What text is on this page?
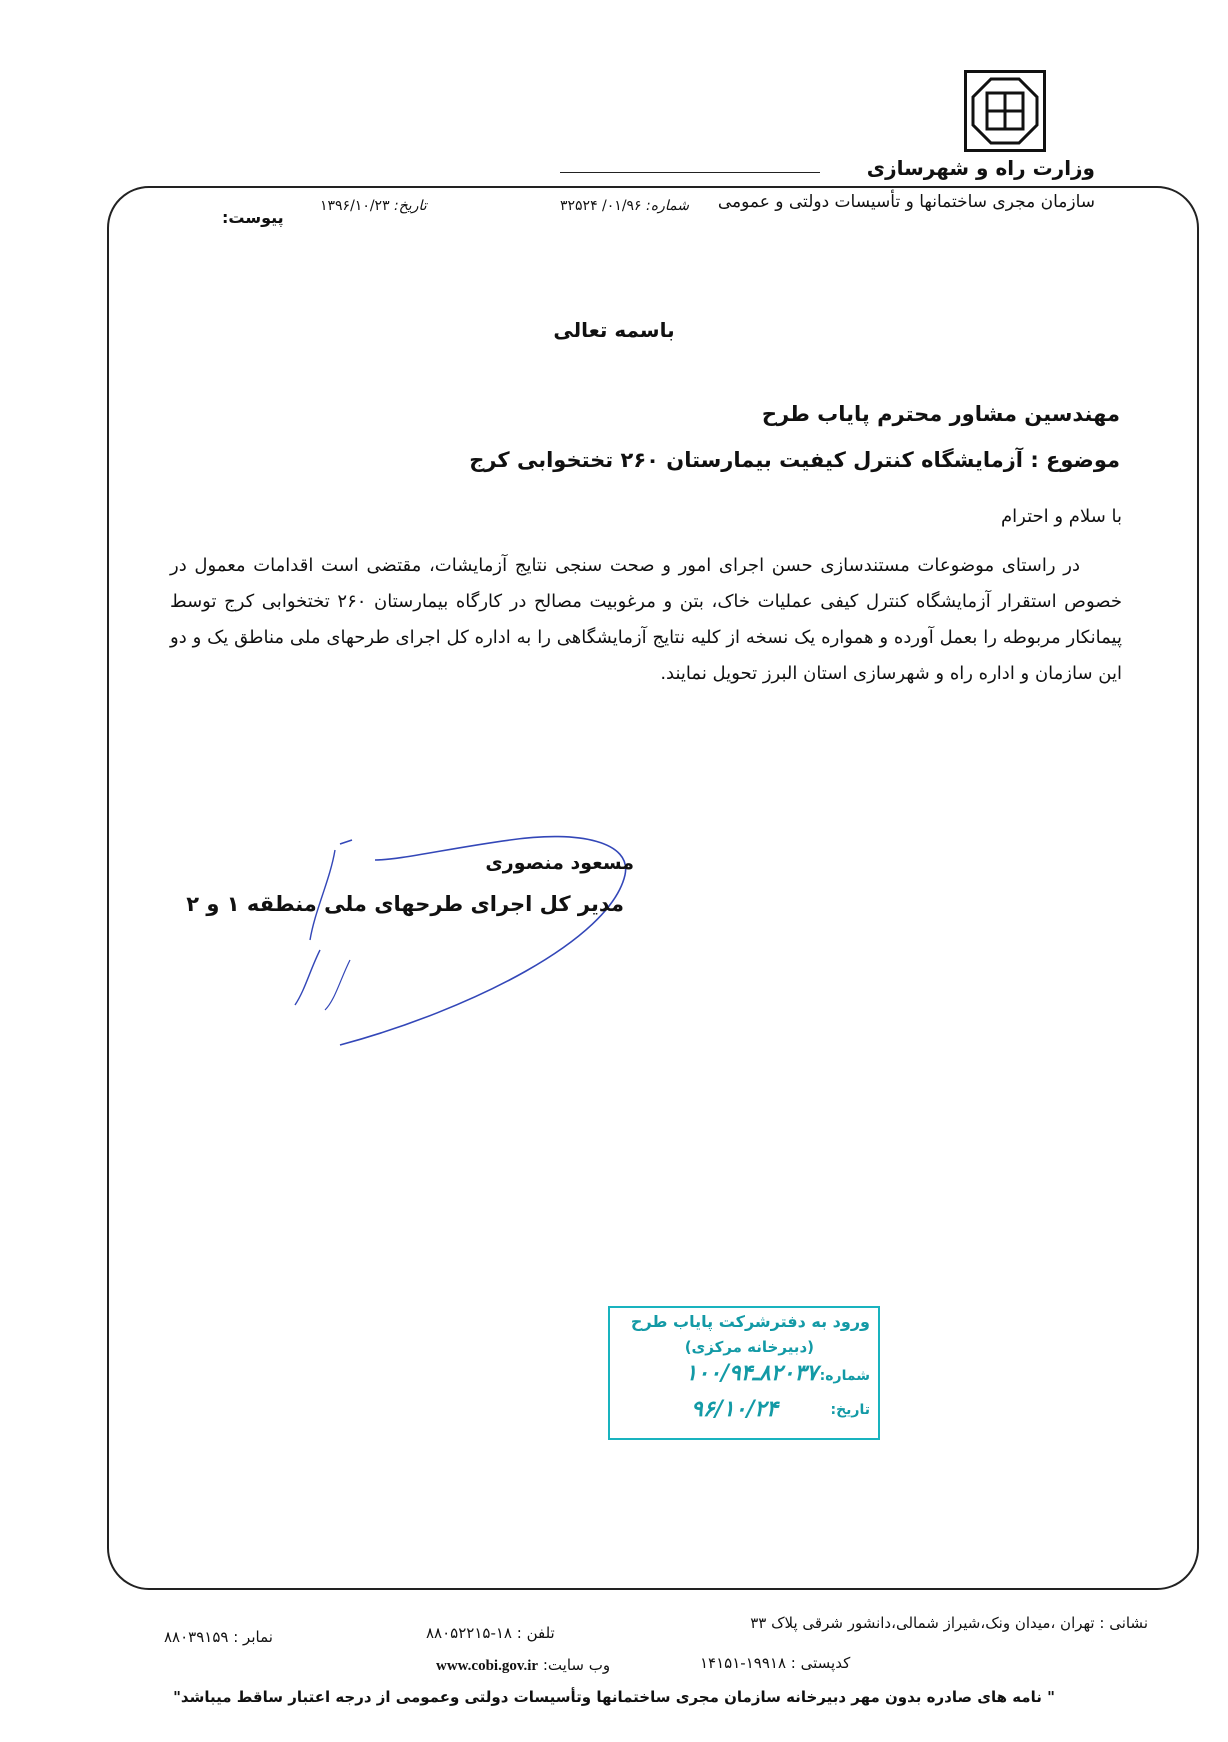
وزارت راه و شهرسازی
سازمان مجری ساختمانها و تأسیسات دولتی و عمومی
شماره: ۰۱/۹۶/ ۳۲۵۲۴
تاریخ: ۱۳۹۶/۱۰/۲۳
پیوست:
باسمه تعالی
مهندسین مشاور محترم پایاب طرح
موضوع : آزمایشگاه کنترل کیفیت بیمارستان ۲۶۰ تختخوابی کرج
با سلام و احترام
در راستای موضوعات مستندسازی حسن اجرای امور و صحت سنجی نتایج آزمایشات، مقتضی است اقدامات معمول در خصوص استقرار آزمایشگاه کنترل کیفی عملیات خاک، بتن و مرغوبیت مصالح در کارگاه بیمارستان ۲۶۰ تختخوابی کرج توسط پیمانکار مربوطه را بعمل آورده و همواره یک نسخه از کلیه نتایج آزمایشگاهی را به اداره کل اجرای طرحهای ملی مناطق یک و دو این سازمان و اداره راه و شهرسازی استان البرز تحویل نمایند.
مسعود منصوری
مدیر کل اجرای طرحهای ملی منطقه ۱ و ۲
ورود به دفترشرکت پایاب طرح
(دبیرخانه مرکزی)
شماره:
۸۲۰۳۷ـ۱۰۰/۹۴
تاریخ:
۹۶/۱۰/۲۴
نشانی : تهران ،میدان ونک،شیراز شمالی،دانشور شرقی پلاک ۳۳
تلفن : ۱۸-۸۸۰۵۲۲۱۵
نمابر : ۸۸۰۳۹۱۵۹
کدپستی : ۱۹۹۱۸-۱۴۱۵۱
وب سایت: www.cobi.gov.ir
" نامه های صادره بدون مهر دبیرخانه سازمان مجری ساختمانها وتأسیسات دولتی وعمومی از درجه اعتبار ساقط میباشد"
